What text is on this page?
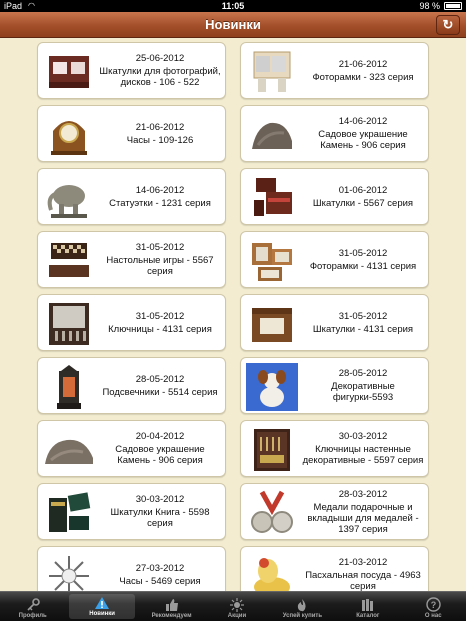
iPad ◠	11:05	98 %
Новинки	↻
25-06-2012
Шкатулки для фотографий, дисков - 106 - 522
21-06-2012
Фоторамки - 323 серия
21-06-2012
Часы - 109-126
14-06-2012
Садовое украшение Камень - 906 серия
14-06-2012
Статуэтки - 1231 серия
01-06-2012
Шкатулки - 5567 серия
31-05-2012
Настольные игры - 5567 серия
31-05-2012
Фоторамки - 4131 серия
31-05-2012
Ключницы - 4131 серия
31-05-2012
Шкатулки - 4131 серия
28-05-2012
Подсвечники - 5514 серия
28-05-2012
Декоративные фигурки-5593
20-04-2012
Садовое украшение Камень - 906 серия
30-03-2012
Ключницы настенные декоративные - 5597 серия
30-03-2012
Шкатулки Книга - 5598 серия
28-03-2012
Медали подарочные и вкладыши для медалей - 1397 серия
27-03-2012
Часы - 5469 серия
21-03-2012
Пасхальная посуда - 4963 серия
Профиль	Новинки	Рекомендуем	Акции	Успей купить	Каталог
?
О нас
